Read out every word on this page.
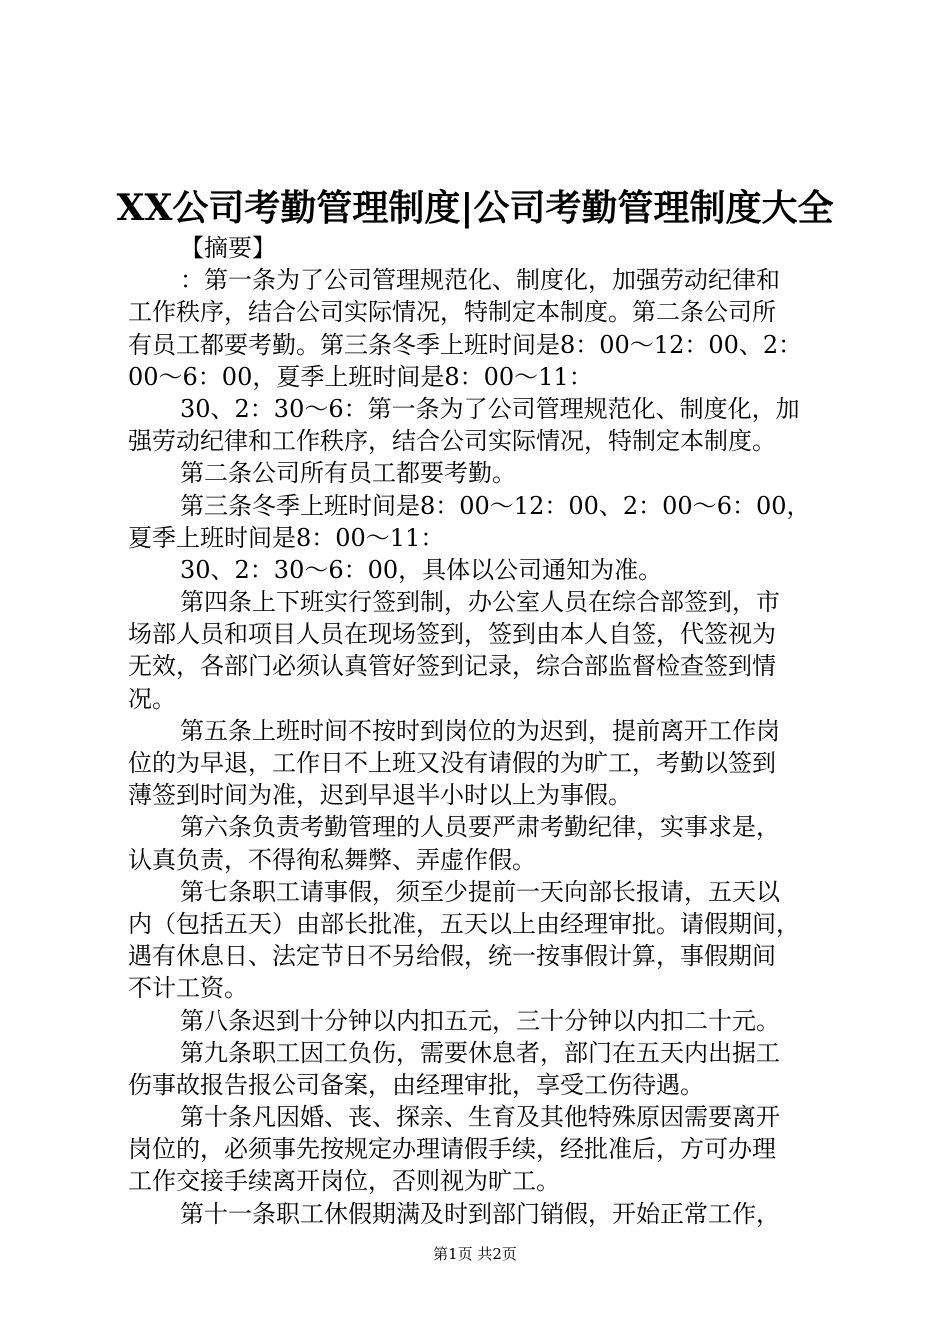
XX公司考勤管理制度|公司考勤管理制度大全
【摘要】
：第一条为了公司管理规范化、制度化，加强劳动纪律和
工作秩序，结合公司实际情况，特制定本制度。第二条公司所
有员工都要考勤。第三条冬季上班时间是8：00～12：00、2：
00～6：00，夏季上班时间是8：00～11：
30、2：30～6：第一条为了公司管理规范化、制度化，加
强劳动纪律和工作秩序，结合公司实际情况，特制定本制度。
第二条公司所有员工都要考勤。
第三条冬季上班时间是8：00～12：00、2：00～6：00，
夏季上班时间是8：00～11：
30、2：30～6：00，具体以公司通知为准。
第四条上下班实行签到制，办公室人员在综合部签到，市
场部人员和项目人员在现场签到，签到由本人自签，代签视为
无效，各部门必须认真管好签到记录，综合部监督检查签到情
况。
第五条上班时间不按时到岗位的为迟到，提前离开工作岗
位的为早退，工作日不上班又没有请假的为旷工，考勤以签到
薄签到时间为准，迟到早退半小时以上为事假。
第六条负责考勤管理的人员要严肃考勤纪律，实事求是，
认真负责，不得徇私舞弊、弄虚作假。
第七条职工请事假，须至少提前一天向部长报请，五天以
内（包括五天）由部长批准，五天以上由经理审批。请假期间，
遇有休息日、法定节日不另给假，统一按事假计算，事假期间
不计工资。
第八条迟到十分钟以内扣五元，三十分钟以内扣二十元。
第九条职工因工负伤，需要休息者，部门在五天内出据工
伤事故报告报公司备案，由经理审批，享受工伤待遇。
第十条凡因婚、丧、探亲、生育及其他特殊原因需要离开
岗位的，必须事先按规定办理请假手续，经批准后，方可办理
工作交接手续离开岗位，否则视为旷工。
第十一条职工休假期满及时到部门销假，开始正常工作，
第1页 共2页
